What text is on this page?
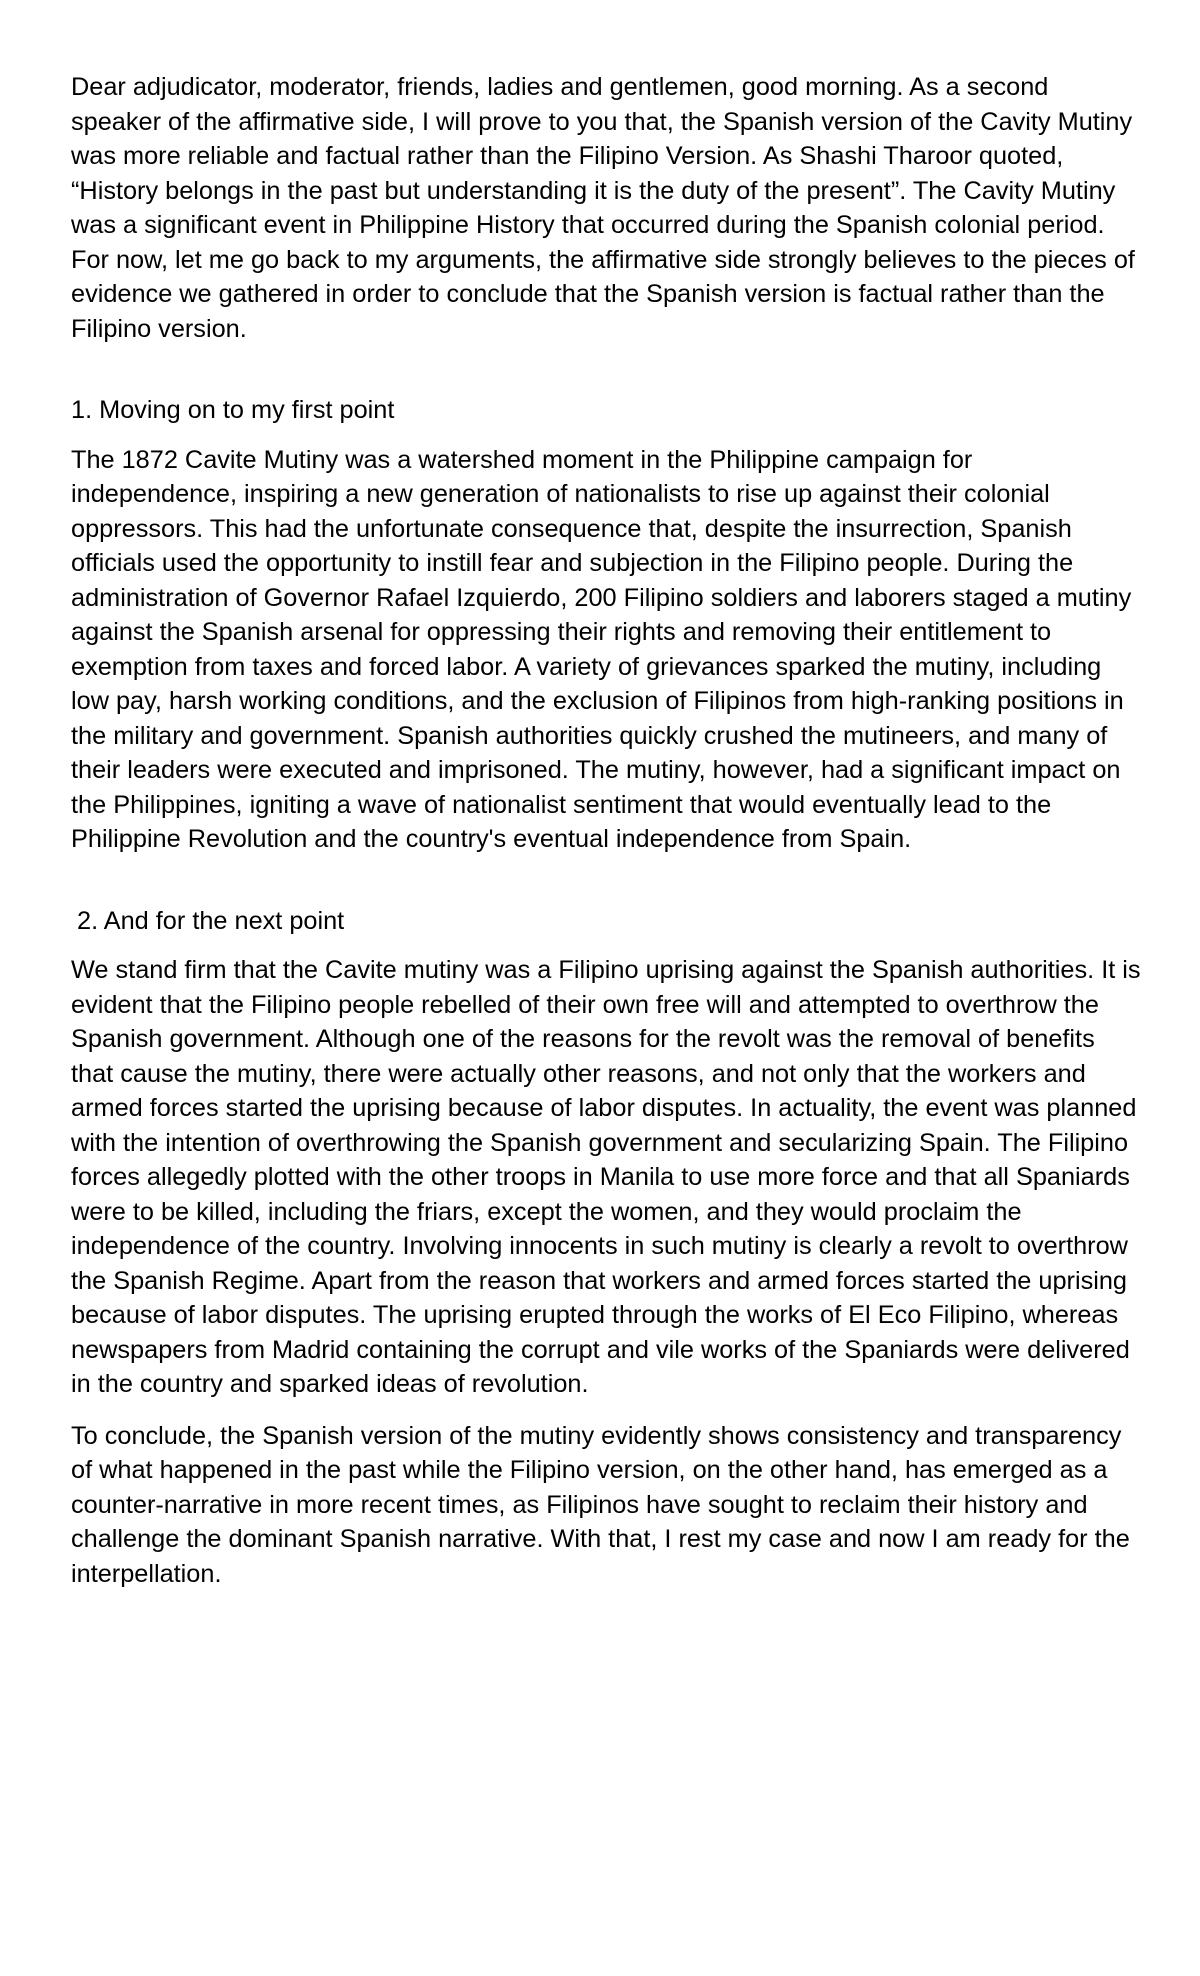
Dear adjudicator, moderator, friends, ladies and gentlemen, good morning. As a second speaker of the affirmative side, I will prove to you that, the Spanish version of the Cavity Mutiny was more reliable and factual rather than the Filipino Version. As Shashi Tharoor quoted, “History belongs in the past but understanding it is the duty of the present”. The Cavity Mutiny was a significant event in Philippine History that occurred during the Spanish colonial period. For now, let me go back to my arguments, the affirmative side strongly believes to the pieces of evidence we gathered in order to conclude that the Spanish version is factual rather than the Filipino version.

1. Moving on to my first point

The 1872 Cavite Mutiny was a watershed moment in the Philippine campaign for independence, inspiring a new generation of nationalists to rise up against their colonial oppressors. This had the unfortunate consequence that, despite the insurrection, Spanish officials used the opportunity to instill fear and subjection in the Filipino people. During the administration of Governor Rafael Izquierdo, 200 Filipino soldiers and laborers staged a mutiny against the Spanish arsenal for oppressing their rights and removing their entitlement to exemption from taxes and forced labor. A variety of grievances sparked the mutiny, including low pay, harsh working conditions, and the exclusion of Filipinos from high-ranking positions in the military and government. Spanish authorities quickly crushed the mutineers, and many of their leaders were executed and imprisoned. The mutiny, however, had a significant impact on the Philippines, igniting a wave of nationalist sentiment that would eventually lead to the Philippine Revolution and the country's eventual independence from Spain.

2. And for the next point

We stand firm that the Cavite mutiny was a Filipino uprising against the Spanish authorities. It is evident that the Filipino people rebelled of their own free will and attempted to overthrow the Spanish government. Although one of the reasons for the revolt was the removal of benefits that cause the mutiny, there were actually other reasons, and not only that the workers and armed forces started the uprising because of labor disputes. In actuality, the event was planned with the intention of overthrowing the Spanish government and secularizing Spain. The Filipino forces allegedly plotted with the other troops in Manila to use more force and that all Spaniards were to be killed, including the friars, except the women, and they would proclaim the independence of the country. Involving innocents in such mutiny is clearly a revolt to overthrow the Spanish Regime. Apart from the reason that workers and armed forces started the uprising because of labor disputes. The uprising erupted through the works of El Eco Filipino, whereas newspapers from Madrid containing the corrupt and vile works of the Spaniards were delivered in the country and sparked ideas of revolution.

To conclude, the Spanish version of the mutiny evidently shows consistency and transparency of what happened in the past while the Filipino version, on the other hand, has emerged as a counter-narrative in more recent times, as Filipinos have sought to reclaim their history and challenge the dominant Spanish narrative. With that, I rest my case and now I am ready for the interpellation.
